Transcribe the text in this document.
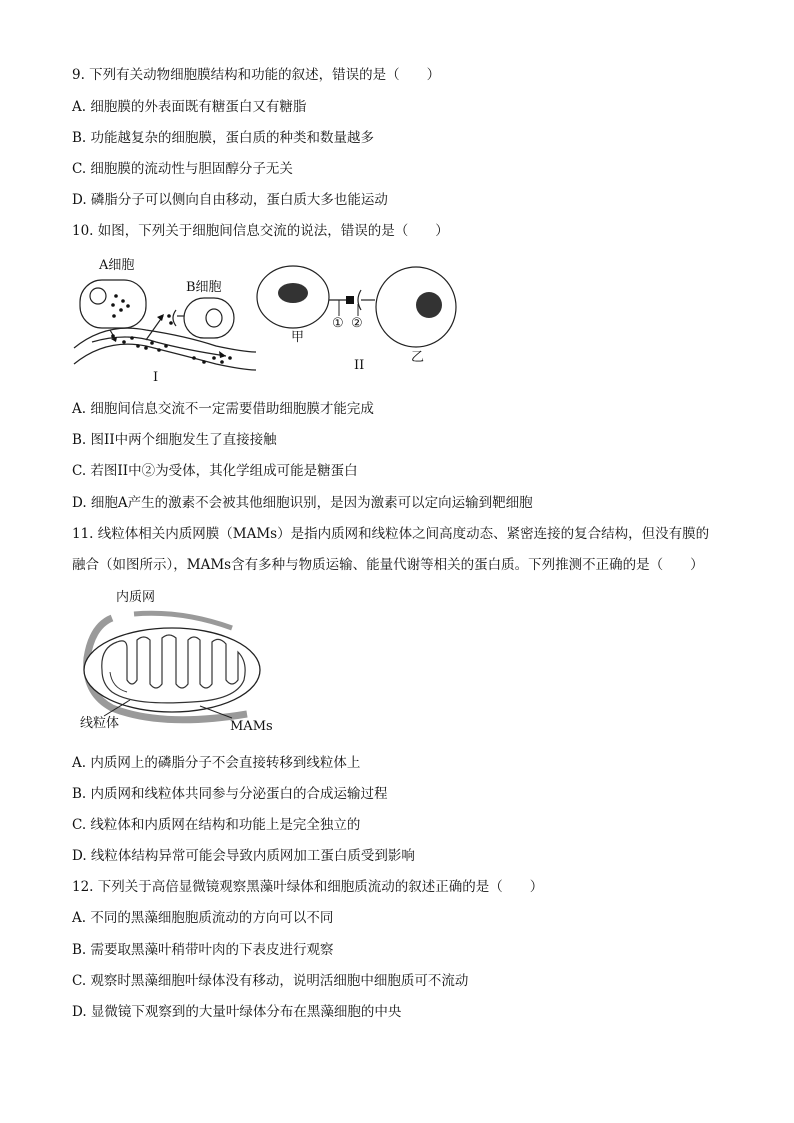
9. 下列有关动物细胞膜结构和功能的叙述，错误的是（　　）
A. 细胞膜的外表面既有糖蛋白又有糖脂
B. 功能越复杂的细胞膜，蛋白质的种类和数量越多
C. 细胞膜的流动性与胆固醇分子无关
D. 磷脂分子可以侧向自由移动，蛋白质大多也能运动
10. 如图，下列关于细胞间信息交流的说法，错误的是（　　）
A细胞
B细胞
I
甲
① ②
II
乙
A. 细胞间信息交流不一定需要借助细胞膜才能完成
B. 图II中两个细胞发生了直接接触
C. 若图II中②为受体，其化学组成可能是糖蛋白
D. 细胞A产生的激素不会被其他细胞识别，是因为激素可以定向运输到靶细胞
11. 线粒体相关内质网膜（MAMs）是指内质网和线粒体之间高度动态、紧密连接的复合结构，但没有膜的
融合（如图所示），MAMs含有多种与物质运输、能量代谢等相关的蛋白质。下列推测不正确的是（　　）
内质网
线粒体	MAMs
A. 内质网上的磷脂分子不会直接转移到线粒体上
B. 内质网和线粒体共同参与分泌蛋白的合成运输过程
C. 线粒体和内质网在结构和功能上是完全独立的
D. 线粒体结构异常可能会导致内质网加工蛋白质受到影响
12. 下列关于高倍显微镜观察黑藻叶绿体和细胞质流动的叙述正确的是（　　）
A. 不同的黑藻细胞胞质流动的方向可以不同
B. 需要取黑藻叶稍带叶肉的下表皮进行观察
C. 观察时黑藻细胞叶绿体没有移动，说明活细胞中细胞质可不流动
D. 显微镜下观察到的大量叶绿体分布在黑藻细胞的中央
